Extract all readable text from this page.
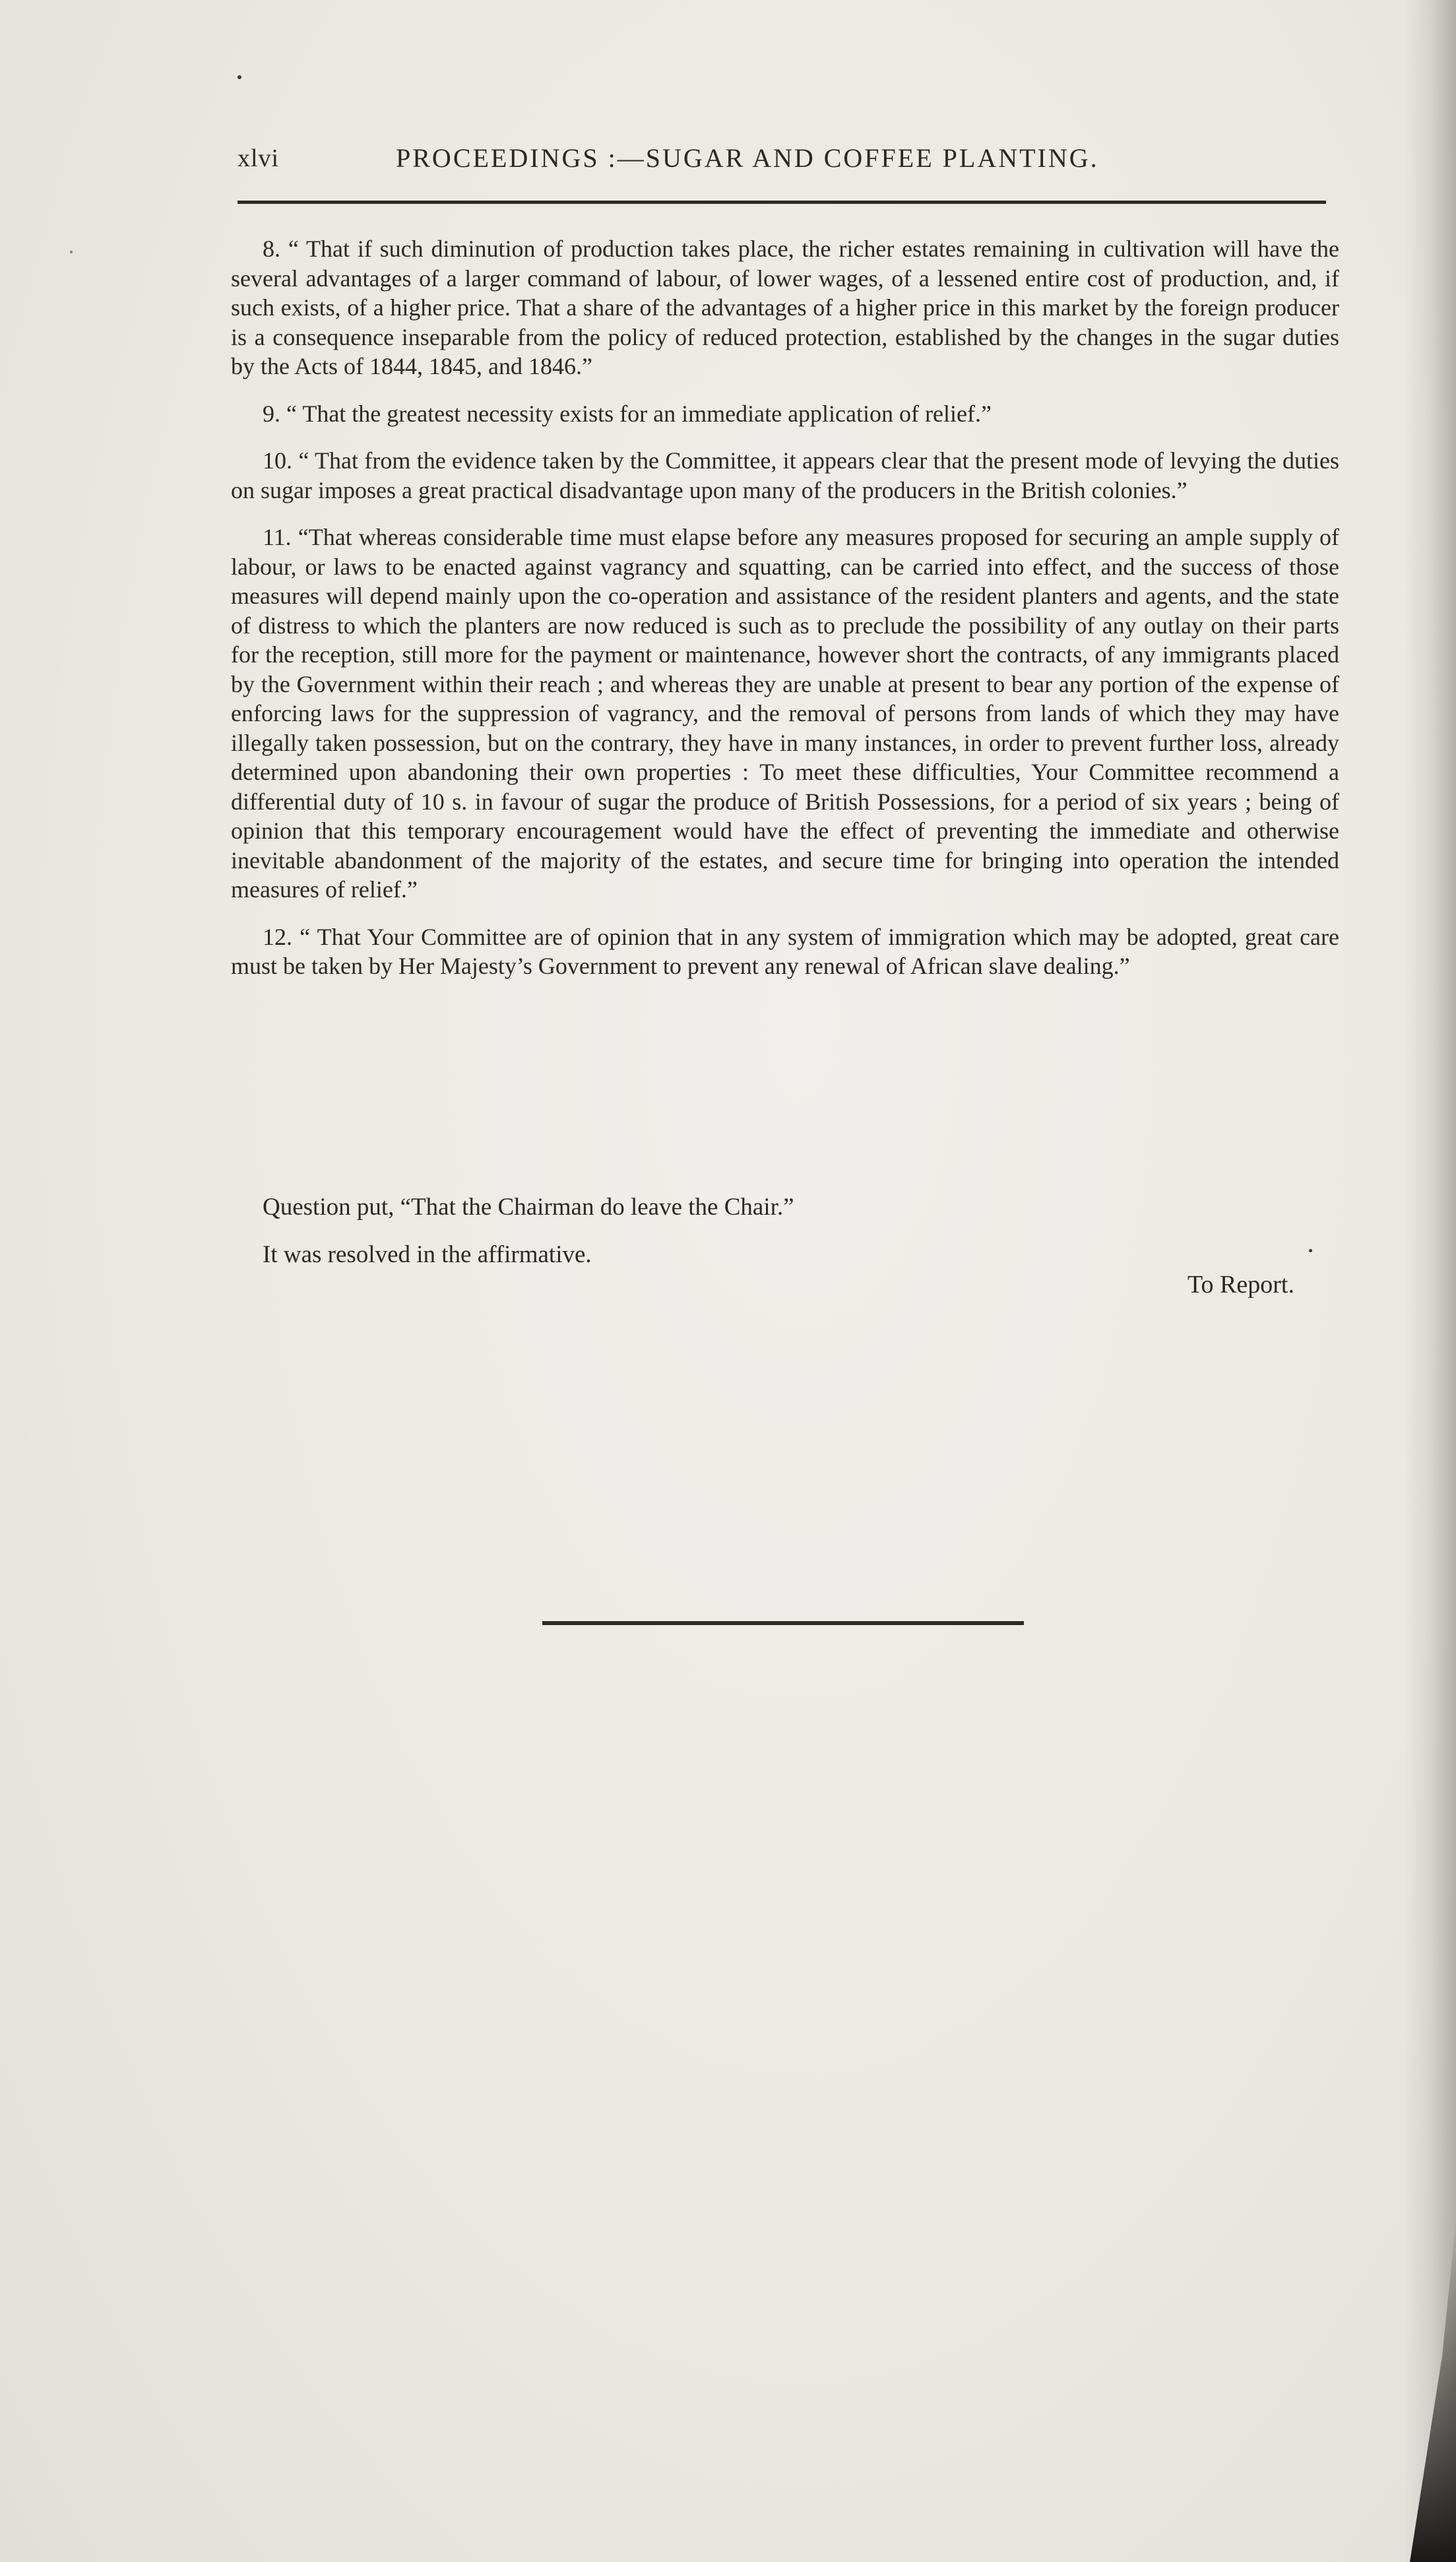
xlvi	PROCEEDINGS :—SUGAR AND COFFEE PLANTING.

8. “ That if such diminution of production takes place, the richer estates remaining in cultivation will have the several advantages of a larger command of labour, of lower wages, of a lessened entire cost of production, and, if such exists, of a higher price. That a share of the advantages of a higher price in this market by the foreign producer is a consequence inseparable from the policy of reduced protection, established by the changes in the sugar duties by the Acts of 1844, 1845, and 1846.”

9. “ That the greatest necessity exists for an immediate application of relief.”

10. “ That from the evidence taken by the Committee, it appears clear that the present mode of levying the duties on sugar imposes a great practical disadvantage upon many of the producers in the British colonies.”

11. “That whereas considerable time must elapse before any measures proposed for securing an ample supply of labour, or laws to be enacted against vagrancy and squatting, can be carried into effect, and the success of those measures will depend mainly upon the co-operation and assistance of the resident planters and agents, and the state of distress to which the planters are now reduced is such as to preclude the possibility of any outlay on their parts for the reception, still more for the payment or maintenance, however short the contracts, of any immigrants placed by the Government within their reach ; and whereas they are unable at present to bear any portion of the expense of enforcing laws for the suppression of vagrancy, and the removal of persons from lands of which they may have illegally taken possession, but on the contrary, they have in many instances, in order to prevent further loss, already determined upon abandoning their own properties : To meet these difficulties, Your Committee recommend a differential duty of 10 s. in favour of sugar the produce of British Possessions, for a period of six years ; being of opinion that this temporary encouragement would have the effect of preventing the immediate and otherwise inevitable abandonment of the majority of the estates, and secure time for bringing into operation the intended measures of relief.”

12. “ That Your Committee are of opinion that in any system of immigration which may be adopted, great care must be taken by Her Majesty’s Government to prevent any renewal of African slave dealing.”

Question put, “That the Chairman do leave the Chair.”

It was resolved in the affirmative.

To Report.
